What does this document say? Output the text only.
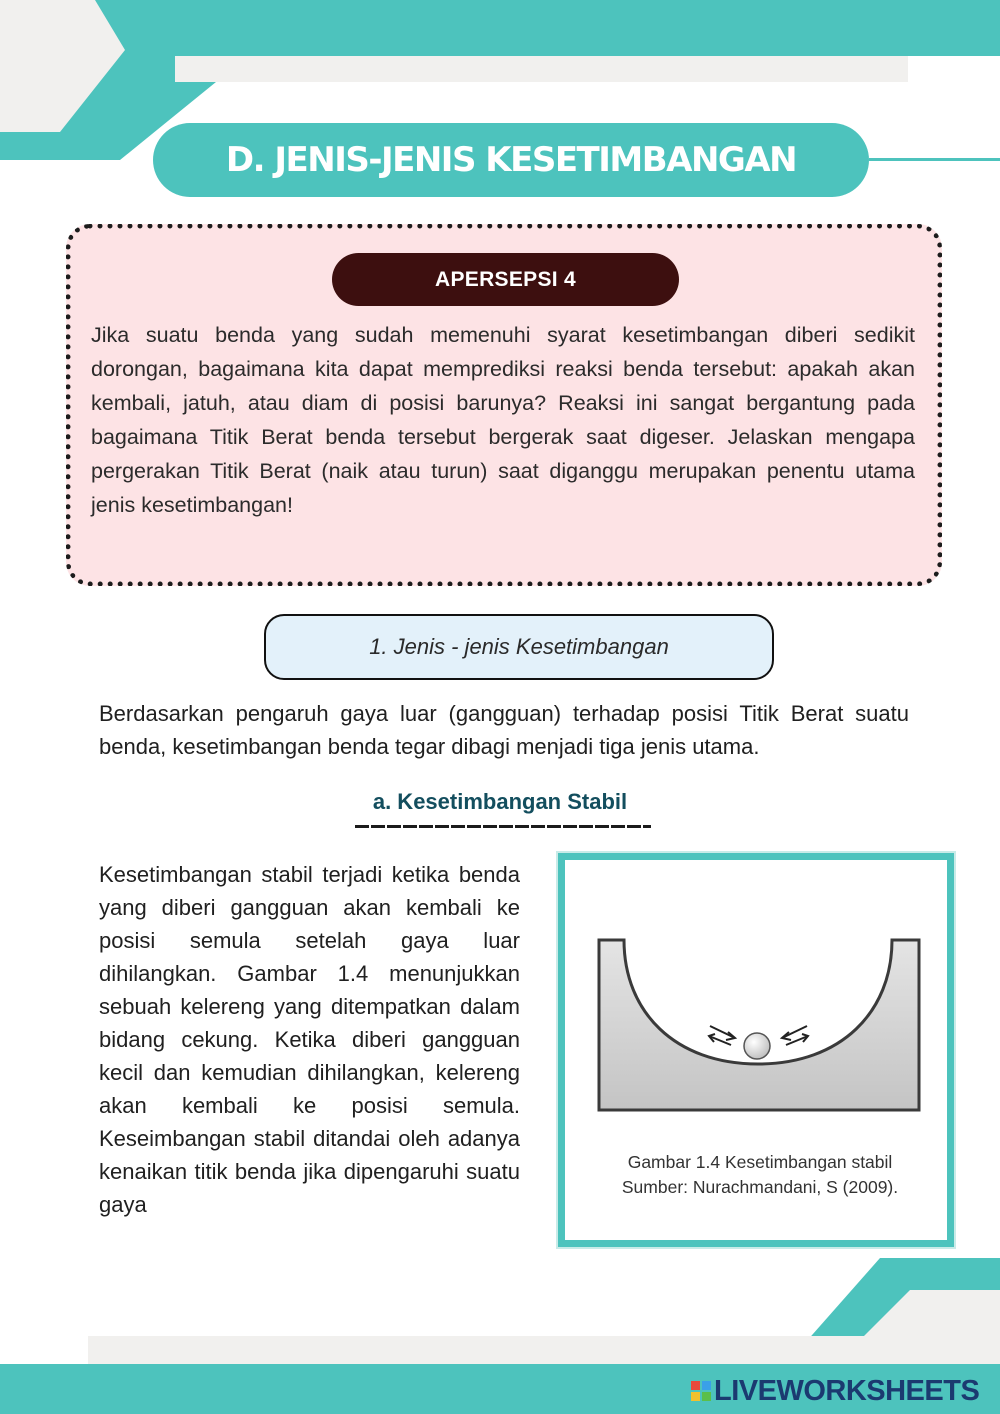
D. JENIS-JENIS KESETIMBANGAN
APERSEPSI 4
Jika suatu benda yang sudah memenuhi syarat kesetimbangan diberi sedikit dorongan, bagaimana kita dapat memprediksi reaksi benda tersebut: apakah akan kembali, jatuh, atau diam di posisi barunya? Reaksi ini sangat bergantung pada bagaimana Titik Berat benda tersebut bergerak saat digeser. Jelaskan mengapa pergerakan Titik Berat (naik atau turun) saat diganggu merupakan penentu utama jenis kesetimbangan!
1. Jenis - jenis Kesetimbangan
Berdasarkan pengaruh gaya luar (gangguan) terhadap posisi Titik Berat suatu benda, kesetimbangan benda tegar dibagi menjadi tiga jenis utama.
a. Kesetimbangan Stabil
Kesetimbangan stabil terjadi ketika benda yang diberi gangguan akan kembali ke posisi semula setelah gaya luar dihilangkan. Gambar 1.4 menunjukkan sebuah kelereng yang ditempatkan dalam bidang cekung. Ketika diberi gangguan kecil dan kemudian dihilangkan, kelereng akan kembali ke posisi semula. Keseimbangan stabil ditandai oleh adanya kenaikan titik benda jika dipengaruhi suatu gaya
Gambar 1.4 Kesetimbangan stabil
Sumber: Nurachmandani, S (2009).
LIVEWORKSHEETS
